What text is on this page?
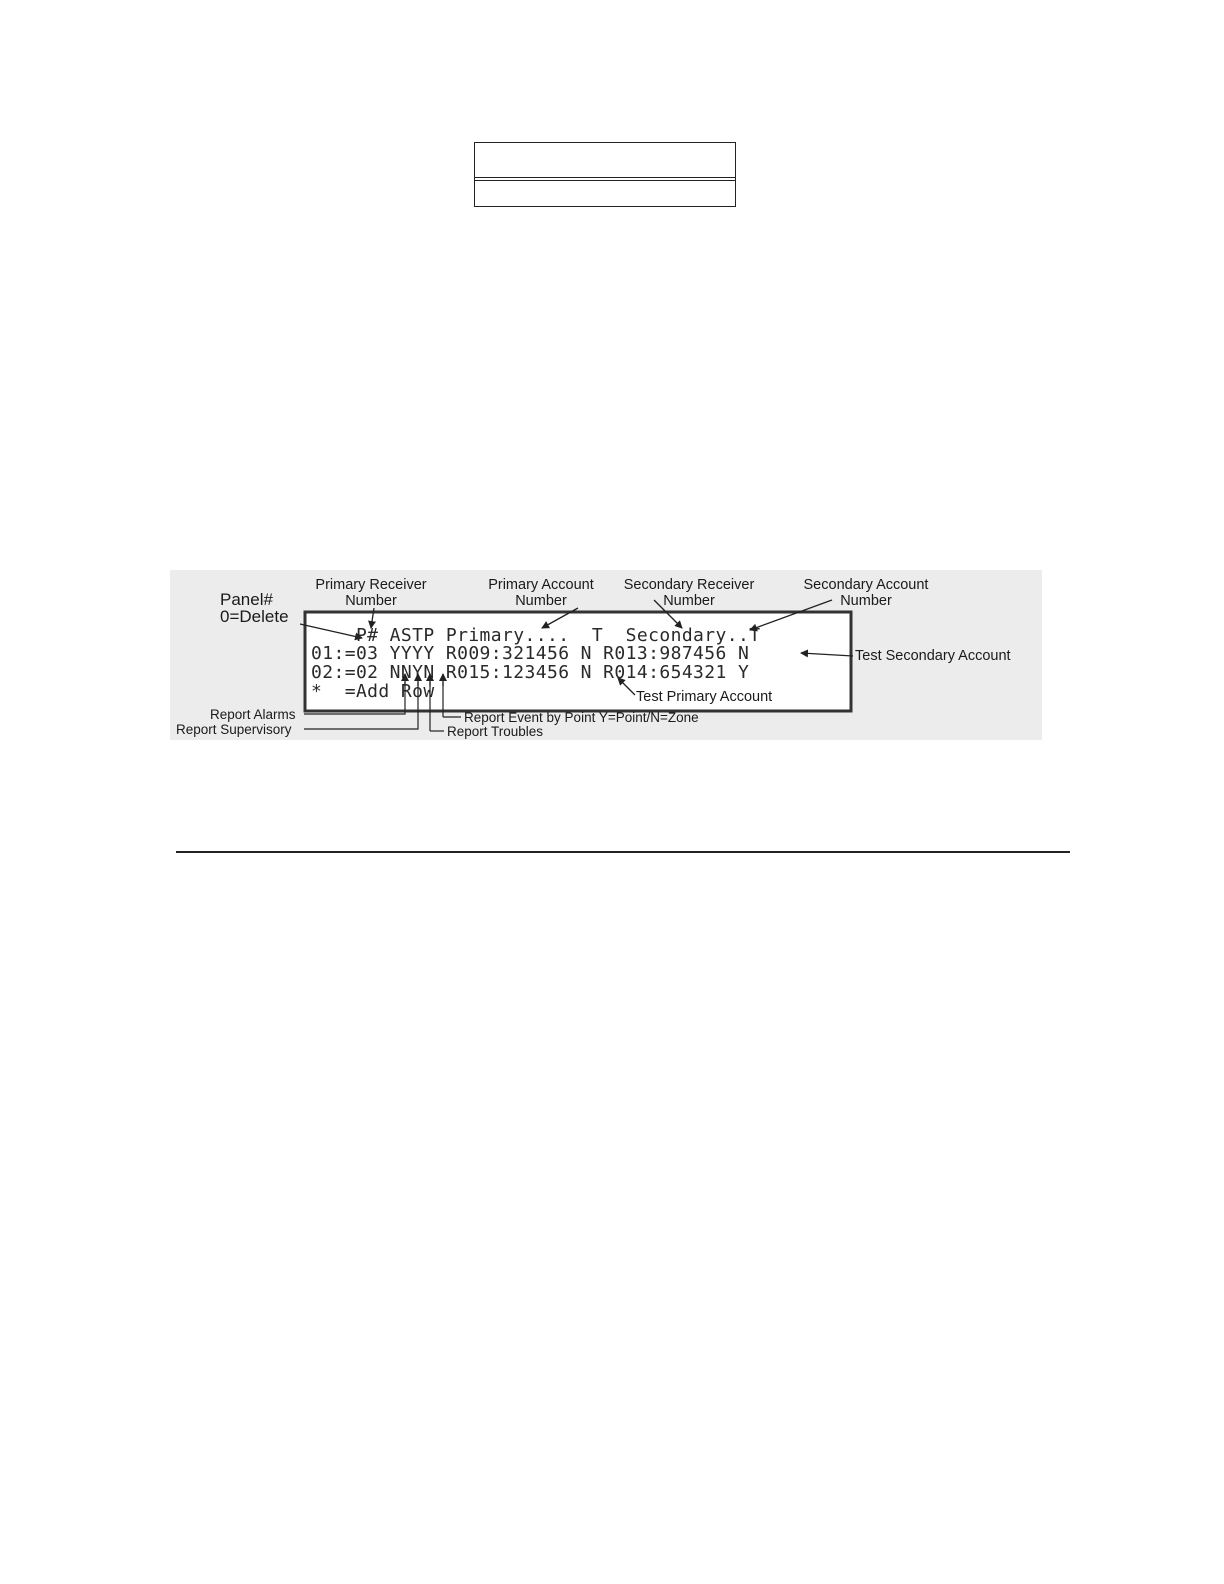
P# ASTP Primary....  T  Secondary..T
01:=03 YYYY R009:321456 N R013:987456 N
02:=02 NNYN R015:123456 N R014:654321 Y
*  =Add Row
Primary Receiver
Number
Primary Account
Number
Secondary Receiver
Number
Secondary Account
Number
Panel#
0=Delete
Test Secondary Account
Test Primary Account
Report Alarms
Report Supervisory
Report Event by Point Y=Point/N=Zone
Report Troubles
